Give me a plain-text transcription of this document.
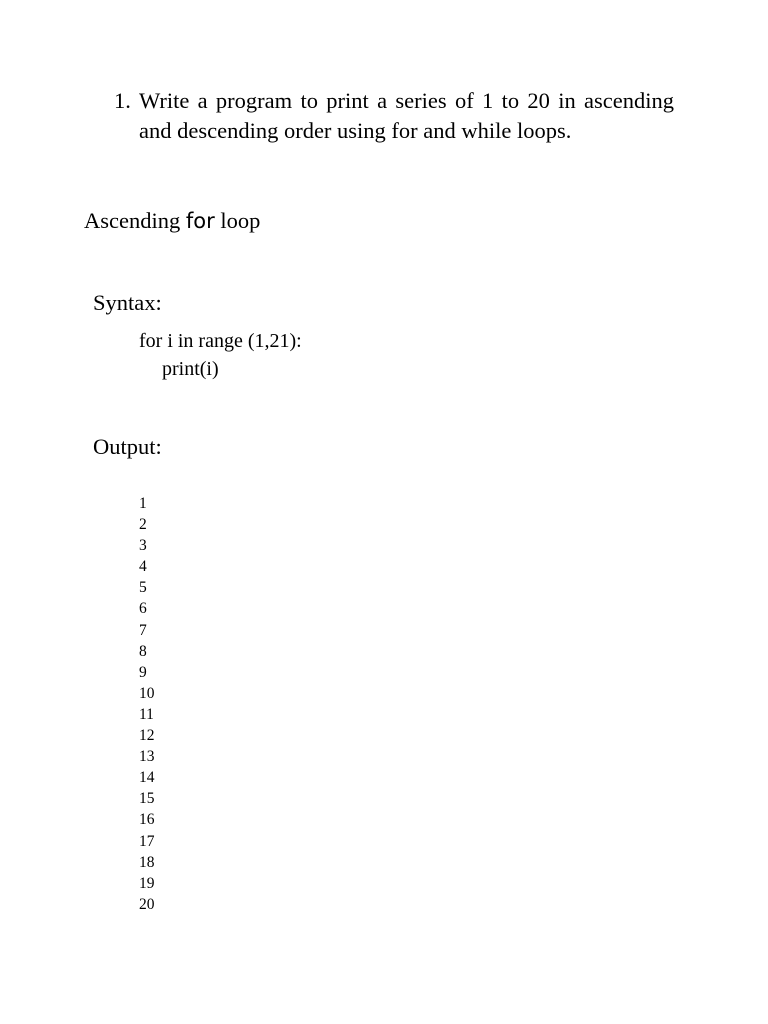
1. Write a program to print a series of 1 to 20 in ascending and descending order using for and while loops.
Ascending for loop
Syntax:
for i in range (1,21):
print(i)
Output:
1
2
3
4
5
6
7
8
9
10
11
12
13
14
15
16
17
18
19
20
